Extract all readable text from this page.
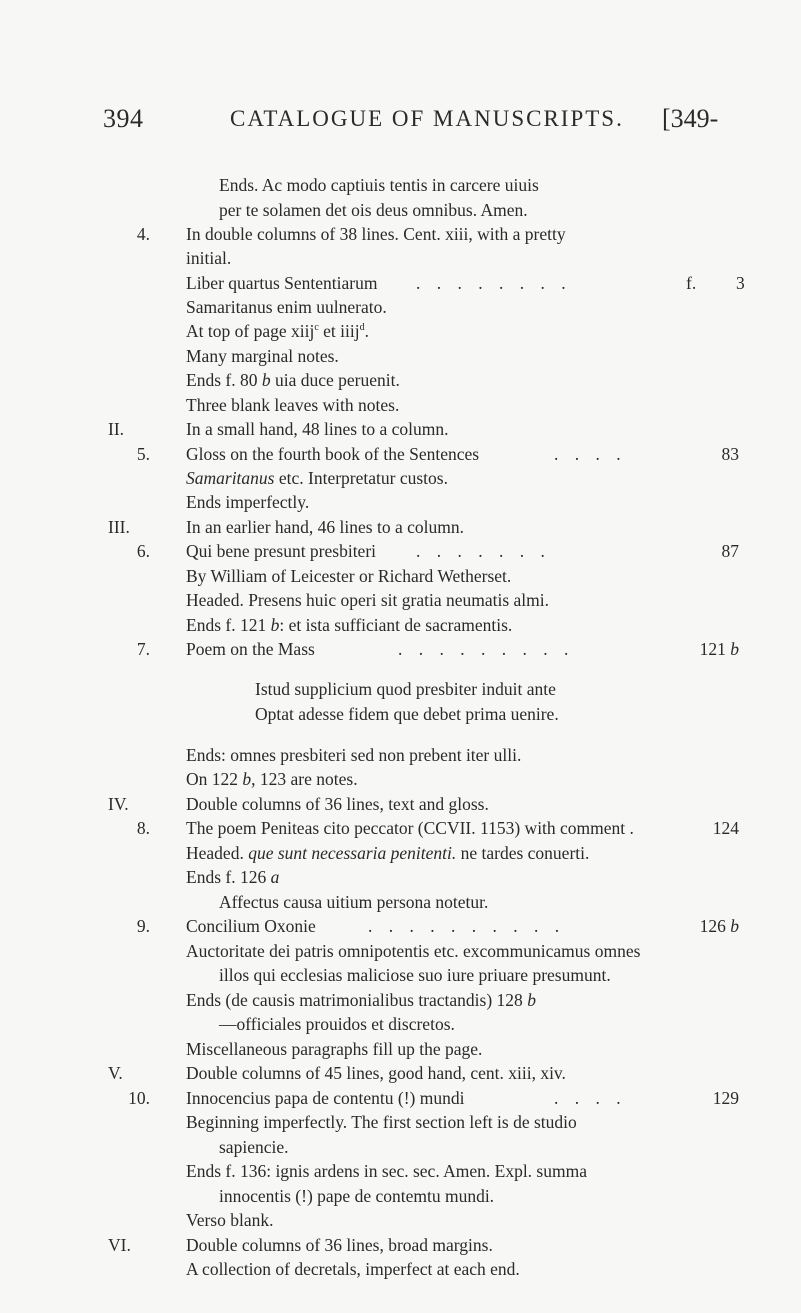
394	CATALOGUE OF MANUSCRIPTS. [349-
Ends. Ac modo captiuis tentis in carcere uiuis
per te solamen det ois deus omnibus. Amen.
4. In double columns of 38 lines. Cent. xiii, with a pretty
initial.
Liber quartus Sententiarum . . . . . . . .	f. 3
Samaritanus enim uulnerato.
At top of page xiij$^c$ et iiij$^d$.
Many marginal notes.
Ends f. 80 b uia duce peruenit.
Three blank leaves with notes.
II.	In a small hand, 48 lines to a column.
5. Gloss on the fourth book of the Sentences	. . . .	83
Samaritanus etc. Interpretatur custos.
Ends imperfectly.
III.	In an earlier hand, 46 lines to a column.
6. Qui bene presunt presbiteri . . . . . . .	87
By William of Leicester or Richard Wetherset.
Headed. Presens huic operi sit gratia neumatis almi.
Ends f. 121 b: et ista sufficiant de sacramentis.
7. Poem on the Mass	. . . . . . . . .	121 b
Istud supplicium quod presbiter induit ante
Optat adesse fidem que debet prima uenire.
Ends: omnes presbiteri sed non prebent iter ulli.
On 122 b, 123 are notes.
IV.	Double columns of 36 lines, text and gloss.
8. The poem Peniteas cito peccator (CCVII. 1153) with comment .	124
Headed. que sunt necessaria penitenti. ne tardes conuerti.
Ends f. 126 a
Affectus causa uitium persona notetur.
9. Concilium Oxonie	. . . . . . . . . .	126 b
Auctoritate dei patris omnipotentis etc. excommunicamus omnes
illos qui ecclesias maliciose suo iure priuare presumunt.
Ends (de causis matrimonialibus tractandis) 128 b
—officiales prouidos et discretos.
Miscellaneous paragraphs fill up the page.
V.	Double columns of 45 lines, good hand, cent. xiii, xiv.
10. Innocencius papa de contentu (!) mundi	. . . .	129
Beginning imperfectly. The first section left is de studio
sapiencie.
Ends f. 136: ignis ardens in sec. sec. Amen. Expl. summa
innocentis (!) pape de contemtu mundi.
Verso blank.
VI.	Double columns of 36 lines, broad margins.
A collection of decretals, imperfect at each end.
